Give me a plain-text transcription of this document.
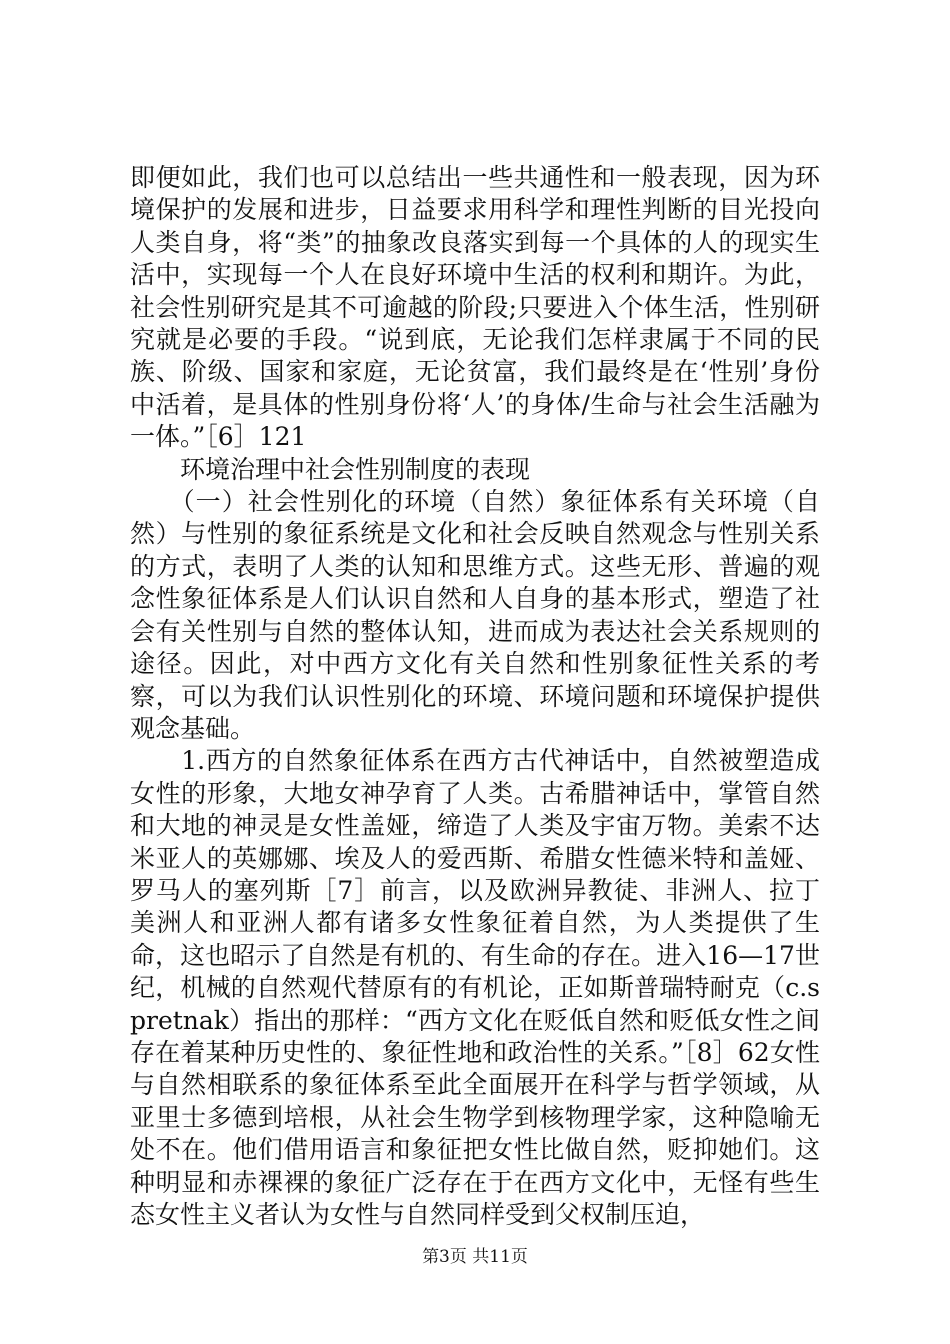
即便如此，我们也可以总结出一些共通性和一般表现，因为环境保护的发展和进步，日益要求用科学和理性判断的目光投向人类自身，将“类”的抽象改良落实到每一个具体的人的现实生活中，实现每一个人在良好环境中生活的权利和期许。为此，社会性别研究是其不可逾越的阶段;只要进入个体生活，性别研究就是必要的手段。“说到底，无论我们怎样隶属于不同的民族、阶级、国家和家庭，无论贫富，我们最终是在‘性别’身份中活着，是具体的性别身份将‘人’的身体/生命与社会生活融为一体。”［6］121

　　环境治理中社会性别制度的表现

　　（一）社会性别化的环境（自然）象征体系有关环境（自然）与性别的象征系统是文化和社会反映自然观念与性别关系的方式，表明了人类的认知和思维方式。这些无形、普遍的观念性象征体系是人们认识自然和人自身的基本形式，塑造了社会有关性别与自然的整体认知，进而成为表达社会关系规则的途径。因此，对中西方文化有关自然和性别象征性关系的考察，可以为我们认识性别化的环境、环境问题和环境保护提供观念基础。

　　1.西方的自然象征体系在西方古代神话中，自然被塑造成女性的形象，大地女神孕育了人类。古希腊神话中，掌管自然和大地的神灵是女性盖娅，缔造了人类及宇宙万物。美索不达米亚人的英娜娜、埃及人的爱西斯、希腊女性德米特和盖娅、罗马人的塞列斯［7］前言，以及欧洲异教徒、非洲人、拉丁美洲人和亚洲人都有诸多女性象征着自然，为人类提供了生命，这也昭示了自然是有机的、有生命的存在。进入16—17世纪，机械的自然观代替原有的有机论，正如斯普瑞特耐克（c.spretnak）指出的那样：“西方文化在贬低自然和贬低女性之间存在着某种历史性的、象征性地和政治性的关系。”［8］62女性与自然相联系的象征体系至此全面展开在科学与哲学领域，从亚里士多德到培根，从社会生物学到核物理学家，这种隐喻无处不在。他们借用语言和象征把女性比做自然，贬抑她们。这种明显和赤裸裸的象征广泛存在于在西方文化中，无怪有些生态女性主义者认为女性与自然同样受到父权制压迫，

第3页 共11页
